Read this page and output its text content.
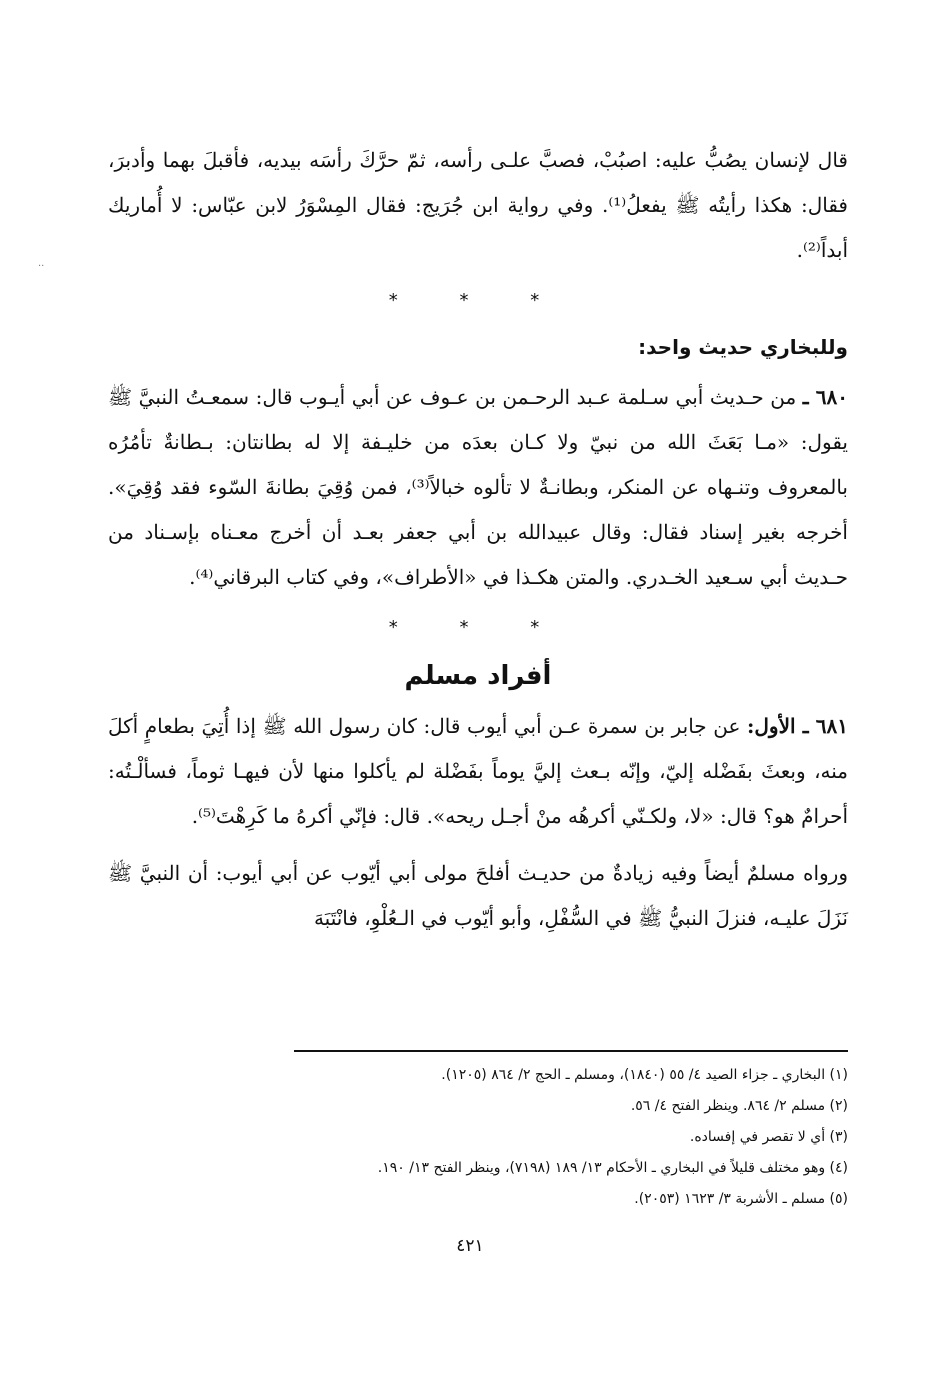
..

قال لإنسان يصُبُّ عليه: اصبُبْ، فصبَّ علـى رأسه، ثمّ حرَّكَ رأسَه بيديه، فأقبلَ بهما وأدبرَ، فقال: هكذا رأيتُه ﷺ يفعلُ⁽¹⁾. وفي رواية ابن جُرَيج: فقال المِسْوَرُ لابن عبّاس: لا أُماريك أبداً⁽²⁾.

* * *
وللبخاري حديث واحد:

٦٨٠ ـ من حـديث أبي سـلمة عـبد الرحـمن بن عـوف عن أبي أيـوب قال: سمعـتُ النبيَّ ﷺ يقول: «مـا بَعَثَ الله من نبيّ ولا كـان بعدَه من خليـفة إلا له بطانتان: بـطانةٌ تأمُرُه بالمعروف وتنـهاه عن المنكر، وبطانـةٌ لا تألوه خبالاً⁽³⁾، فمن وُقِيَ بطانةَ السّوء فقد وُقِيَ». أخرجه بغير إسناد فقال: وقال عبيدالله بن أبي جعفر بعـد أن أخرج معـناه بإسـناد من حـديث أبي سـعيد الخـدري. والمتن هكـذا في «الأطراف»، وفي كتاب البرقاني⁽⁴⁾.

* * *
أفراد مسلم

٦٨١ ـ الأول: عن جابر بن سمرة عـن أبي أيوب قال: كان رسول الله ﷺ إذا أُتِيَ بطعامٍ أكلَ منه، وبعثَ بفَضْله إليّ، وإنّه بـعث إليَّ يوماً بفَضْلة لم يأكلوا منها لأن فيهـا ثوماً، فسألْـتُه: أحرامٌ هو؟ قال: «لا، ولكـنّي أكرهُه منْ أجـل ريحه». قال: فإنّي أكرهُ ما كَرِهْتَ⁽⁵⁾.

ورواه مسلمٌ أيضاً وفيه زيادةٌ من حديـث أفلحَ مولى أبي أيّوب عن أبي أيوب: أن النبيَّ ﷺ نَزَلَ عليـه، فنزلَ النبيُّ ﷺ في السُّفْلِ، وأبو أيّوب في الـعُلْوِ، فانْتَبَهَ

(١) البخاري ـ جزاء الصيد ٤/ ٥٥ (١٨٤٠)، ومسلم ـ الحج ٢/ ٨٦٤ (١٢٠٥).

(٢) مسلم ٢/ ٨٦٤. وينظر الفتح ٤/ ٥٦.

(٣) أي لا تقصر في إفساده.

(٤) وهو مختلف قليلاً في البخاري ـ الأحكام ١٣/ ١٨٩ (٧١٩٨)، وينظر الفتح ١٣/ ١٩٠.

(٥) مسلم ـ الأشربة ٣/ ١٦٢٣ (٢٠٥٣).

٤٢١
